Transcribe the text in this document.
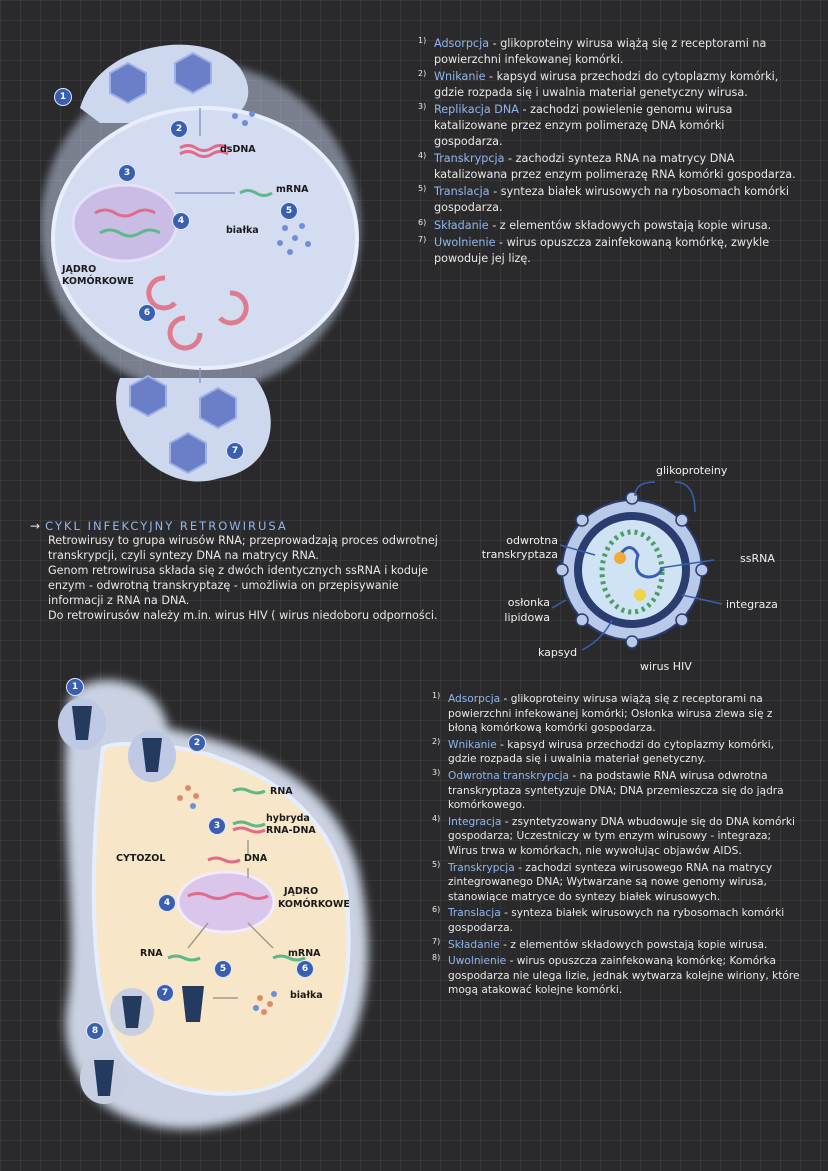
dsDNA
mRNA
białka
JĄDRO
KOMÓRKOWE
1
2
3
4
5
6
7
1) Adsorpcja - glikoproteiny wirusa wiążą się z receptorami na powierzchni infekowanej komórki.
2) Wnikanie - kapsyd wirusa przechodzi do cytoplazmy komórki, gdzie rozpada się i uwalnia materiał genetyczny wirusa.
3) Replikacja DNA - zachodzi powielenie genomu wirusa katalizowane przez enzym polimerazę DNA komórki gospodarza.
4) Transkrypcja - zachodzi synteza RNA na matrycy DNA katalizowana przez enzym polimerazę RNA komórki gospodarza.
5) Translacja - synteza białek wirusowych na rybosomach komórki gospodarza.
6) Składanie - z elementów składowych powstają kopie wirusa.
7) Uwolnienie - wirus opuszcza zainfekowaną komórkę, zwykle powoduje jej lizę.
→ CYKL INFEKCYJNY RETROWIRUSA
Retrowirusy to grupa wirusów RNA; przeprowadzają proces odwrotnej transkrypcji, czyli syntezy DNA na matrycy RNA.
Genom retrowirusa składa się z dwóch identycznych ssRNA i koduje enzym - odwrotną transkryptazę - umożliwia on przepisywanie informacji z RNA na DNA.
Do retrowirusów należy m.in. wirus HIV ( wirus niedoboru odporności.
glikoproteiny
odwrotna
transkryptaza	ssRNA
osłonka
lipidowa
integraza
kapsyd
wirus HIV
RNA
hybryda
RNA-DNA
CYTOZOL	DNA
JĄDRO
KOMÓRKOWE
RNA	mRNA
białka
1
2
3
4
5	6
7
8
1) Adsorpcja - glikoproteiny wirusa wiążą się z receptorami na powierzchni infekowanej komórki; Osłonka wirusa zlewa się z błoną komórkową komórki gospodarza.
2) Wnikanie - kapsyd wirusa przechodzi do cytoplazmy komórki, gdzie rozpada się i uwalnia materiał genetyczny.
3) Odwrotna transkrypcja - na podstawie RNA wirusa odwrotna transkryptaza syntetyzuje DNA; DNA przemieszcza się do jądra komórkowego.
4) Integracja - zsyntetyzowany DNA wbudowuje się do DNA komórki gospodarza; Uczestniczy w tym enzym wirusowy - integraza; Wirus trwa w komórkach, nie wywołując objawów AIDS.
5) Transkrypcja - zachodzi synteza wirusowego RNA na matrycy zintegrowanego DNA; Wytwarzane są nowe genomy wirusa, stanowiące matryce do syntezy białek wirusowych.
6) Translacja - synteza białek wirusowych na rybosomach komórki gospodarza.
7) Składanie - z elementów składowych powstają kopie wirusa.
8) Uwolnienie - wirus opuszcza zainfekowaną komórkę; Komórka gospodarza nie ulega lizie, jednak wytwarza kolejne wiriony, które mogą atakować kolejne komórki.
